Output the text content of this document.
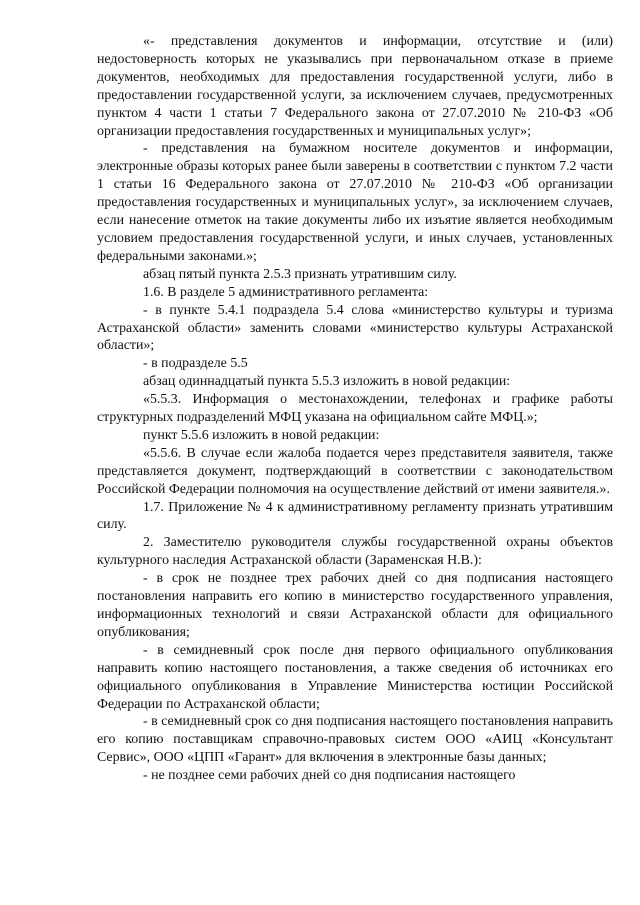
«- представления документов и информации, отсутствие и (или) недостоверность которых не указывались при первоначальном отказе в приеме документов, необходимых для предоставления государственной услуги, либо в предоставлении государственной услуги, за исключением случаев, предусмотренных пунктом 4 части 1 статьи 7 Федерального закона от 27.07.2010 № 210-ФЗ «Об организации предоставления государственных и муниципальных услуг»;

- представления на бумажном носителе документов и информации, электронные образы которых ранее были заверены в соответствии с пунктом 7.2 части 1 статьи 16 Федерального закона от 27.07.2010 № 210-ФЗ «Об организации предоставления государственных и муниципальных услуг», за исключением случаев, если нанесение отметок на такие документы либо их изъятие является необходимым условием предоставления государственной услуги, и иных случаев, установленных федеральными законами.»;

абзац пятый пункта 2.5.3 признать утратившим силу.

1.6. В разделе 5 административного регламента:

- в пункте 5.4.1 подраздела 5.4 слова «министерство культуры и туризма Астраханской области» заменить словами «министерство культуры Астраханской области»;

- в подразделе 5.5

абзац одиннадцатый пункта 5.5.3 изложить в новой редакции:

«5.5.3. Информация о местонахождении, телефонах и графике работы структурных подразделений МФЦ указана на официальном сайте МФЦ.»;

пункт 5.5.6 изложить в новой редакции:

«5.5.6. В случае если жалоба подается через представителя заявителя, также представляется документ, подтверждающий в соответствии с законодательством Российской Федерации полномочия на осуществление действий от имени заявителя.».

1.7. Приложение № 4 к административному регламенту признать утратившим силу.

2. Заместителю руководителя службы государственной охраны объектов культурного наследия Астраханской области (Зараменская Н.В.):

- в срок не позднее трех рабочих дней со дня подписания настоящего постановления направить его копию в министерство государственного управления, информационных технологий и связи Астраханской области для официального опубликования;

- в семидневный срок после дня первого официального опубликования направить копию настоящего постановления, а также сведения об источниках его официального опубликования в Управление Министерства юстиции Российской Федерации по Астраханской области;

- в семидневный срок со дня подписания настоящего постановления направить его копию поставщикам справочно-правовых систем ООО «АИЦ «Консультант Сервис», ООО «ЦПП «Гарант» для включения в электронные базы данных;

- не позднее семи рабочих дней со дня подписания настоящего
